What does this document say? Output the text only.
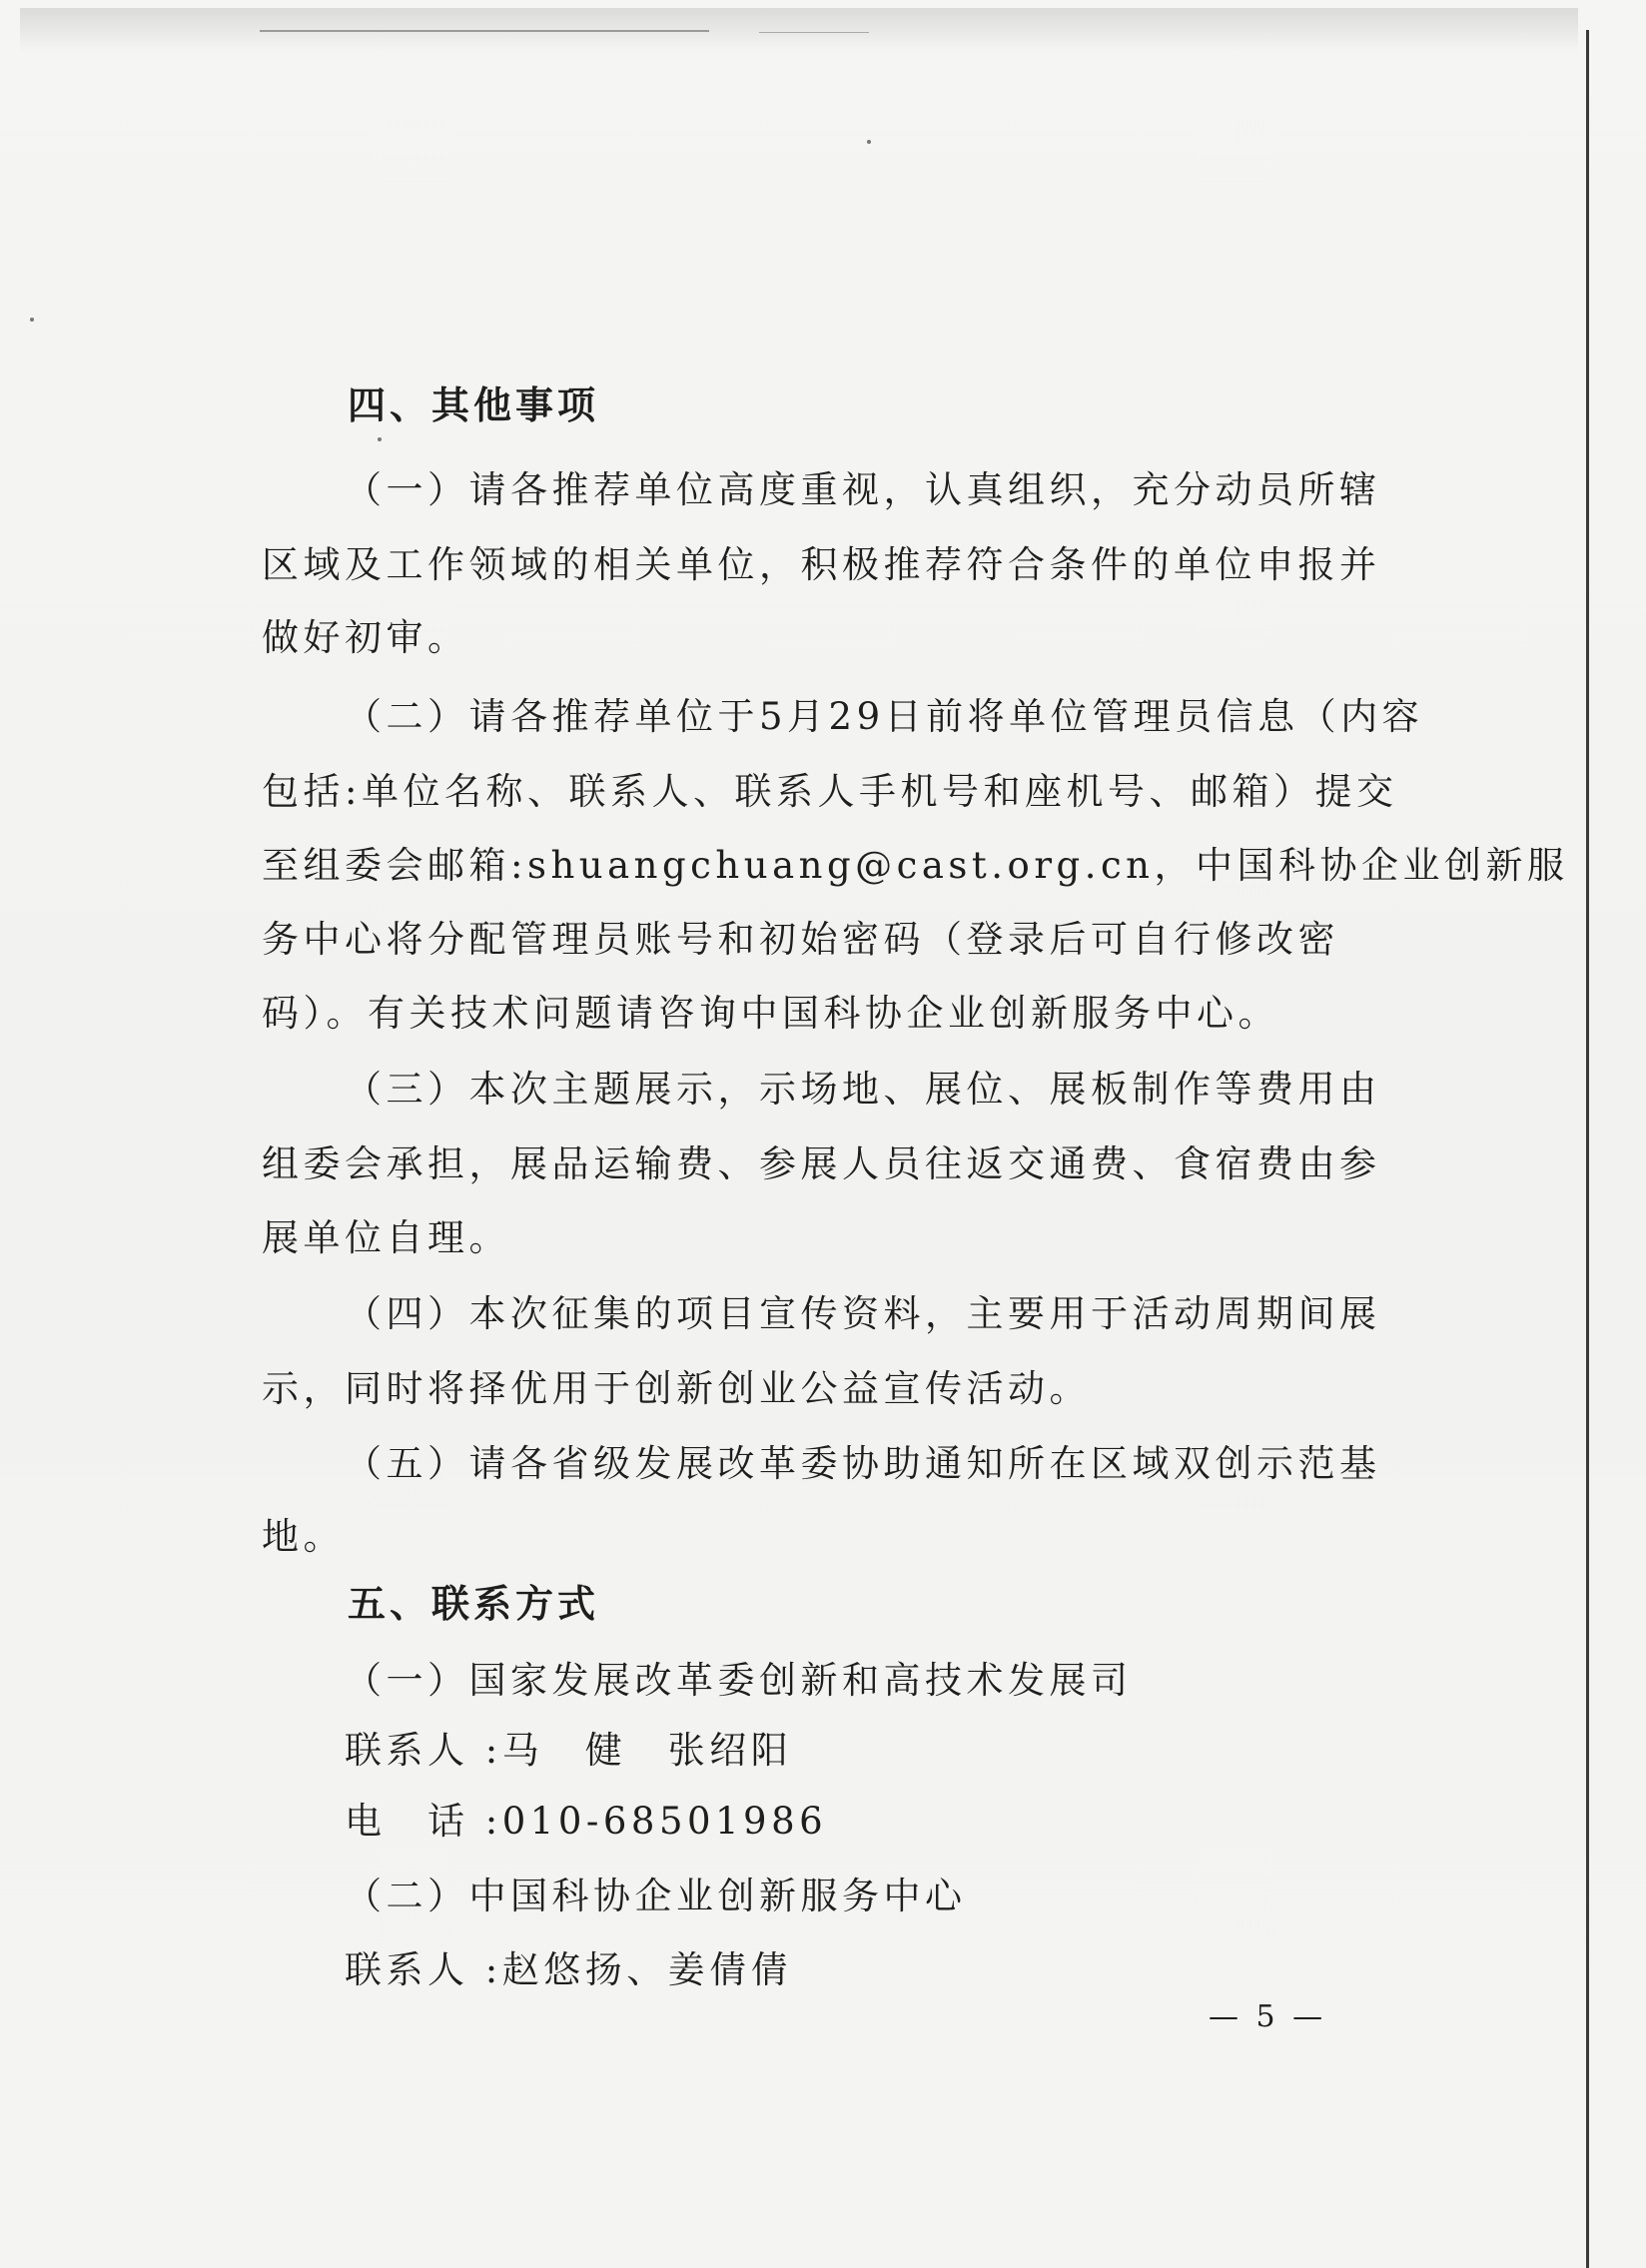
四、其他事项
（一）请各推荐单位高度重视，认真组织，充分动员所辖
区域及工作领域的相关单位，积极推荐符合条件的单位申报并
做好初审。
（二）请各推荐单位于5月29日前将单位管理员信息（内容
包括:单位名称、联系人、联系人手机号和座机号、邮箱）提交
至组委会邮箱:shuangchuang@cast.org.cn，中国科协企业创新服
务中心将分配管理员账号和初始密码（登录后可自行修改密
码）。有关技术问题请咨询中国科协企业创新服务中心。
（三）本次主题展示，示场地、展位、展板制作等费用由
组委会承担，展品运输费、参展人员往返交通费、食宿费由参
展单位自理。
（四）本次征集的项目宣传资料，主要用于活动周期间展
示，同时将择优用于创新创业公益宣传活动。
（五）请各省级发展改革委协助通知所在区域双创示范基
地。
五、联系方式
（一）国家发展改革委创新和高技术发展司
联系人 :马　健　张绍阳
电　话 :010-68501986
（二）中国科协企业创新服务中心
联系人 :赵悠扬、姜倩倩
— 5 —
